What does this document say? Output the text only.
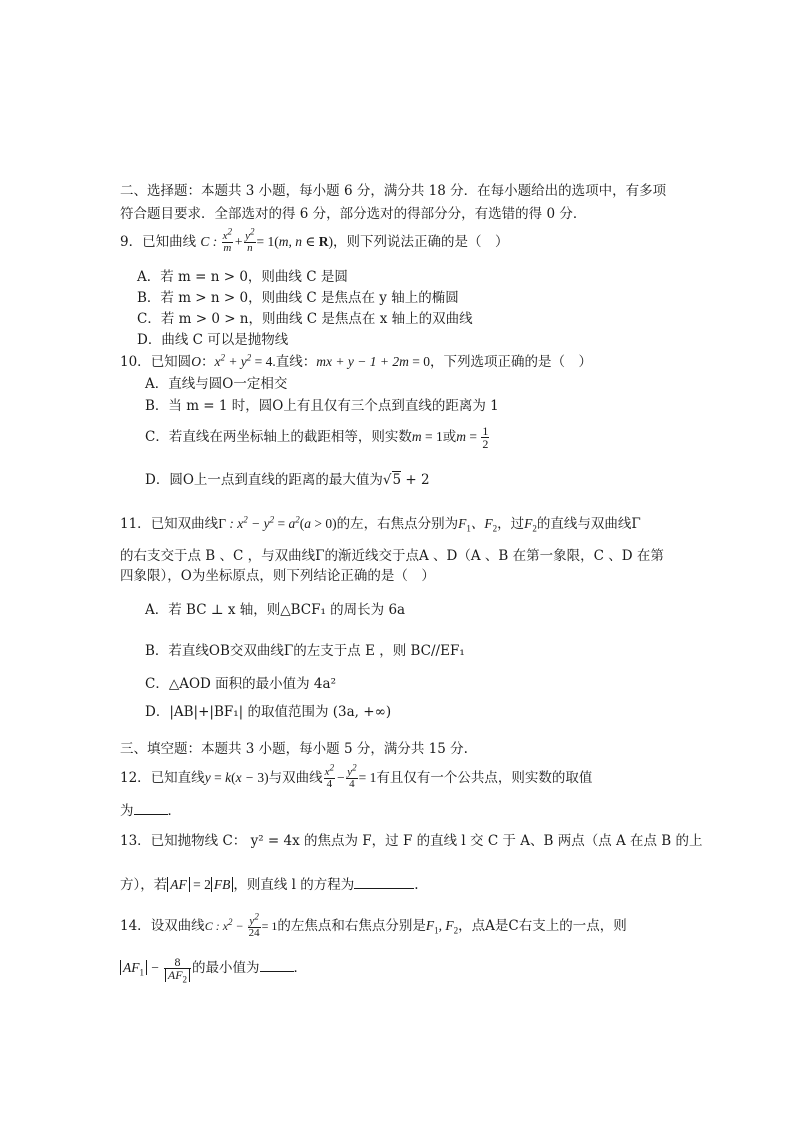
二、选择题：本题共 3 小题，每小题 6 分，满分共 18 分．在每小题给出的选项中，有多项
符合题目要求．全部选对的得 6 分，部分选对的得部分分，有选错的得 0 分．
9．已知曲线 C : $\frac{x^2}{m} + \frac{y^2}{n} = 1(m$, n ∈ R)，则下列说法正确的是（　）
A．若 m = n > 0，则曲线 C 是圆
B．若 m > n > 0，则曲线 C 是焦点在 y 轴上的椭圆
C．若 m > 0 > n，则曲线 C 是焦点在 x 轴上的双曲线
D．曲线 C 可以是抛物线
10．已知圆O：$x^2 + y^2 = 4$.直线：mx + y − 1 + 2m = 0，下列选项正确的是（　）
A．直线与圆O一定相交
B．当 m = 1 时，圆O上有且仅有三个点到直线的距离为 1
C．若直线在两坐标轴上的截距相等，则实数m = 1或$m = \frac{1}{2}$
D．圆O上一点到直线的距离的最大值为√5 + 2
11．已知双曲线Γ : $x^2 - y^2 = a^2(a > 0)$的左，右焦点分别为$F_1$、$F_2$，过$F_2$的直线与双曲线Γ
的右支交于点 B 、C ，与双曲线Γ的渐近线交于点A 、D（A 、B 在第一象限，C 、D 在第
四象限），O为坐标原点，则下列结论正确的是（　）
A．若 BC ⊥ x 轴，则△BCF₁ 的周长为 6a
B．若直线OB交双曲线Γ的左支于点 E ，则 BC//EF₁
C．△AOD 面积的最小值为 4a²
D．|AB|+|BF₁| 的取值范围为 (3a, +∞)
三、填空题：本题共 3 小题，每小题 5 分，满分共 15 分.
12．已知直线y = k(x − 3)与双曲线 $\frac{x^2}{4} - \frac{y^2}{4} = 1$有且仅有一个公共点，则实数的取值
为	．
13．已知抛物线 C： y² = 4x 的焦点为 F，过 F 的直线 l 交 C 于 A、B 两点（点 A 在点 B 的上
方），若 AF = 2 FB ，则直线 l 的方程为	.
14．设双曲线C : $x^2 - \frac{y^2}{24} = 1$的左焦点和右焦点分别是$F_1$, $F_2$，点A是C右支上的一点，则
$AF_1 - \frac{8}{AF_2}$ 的最小值为	．
